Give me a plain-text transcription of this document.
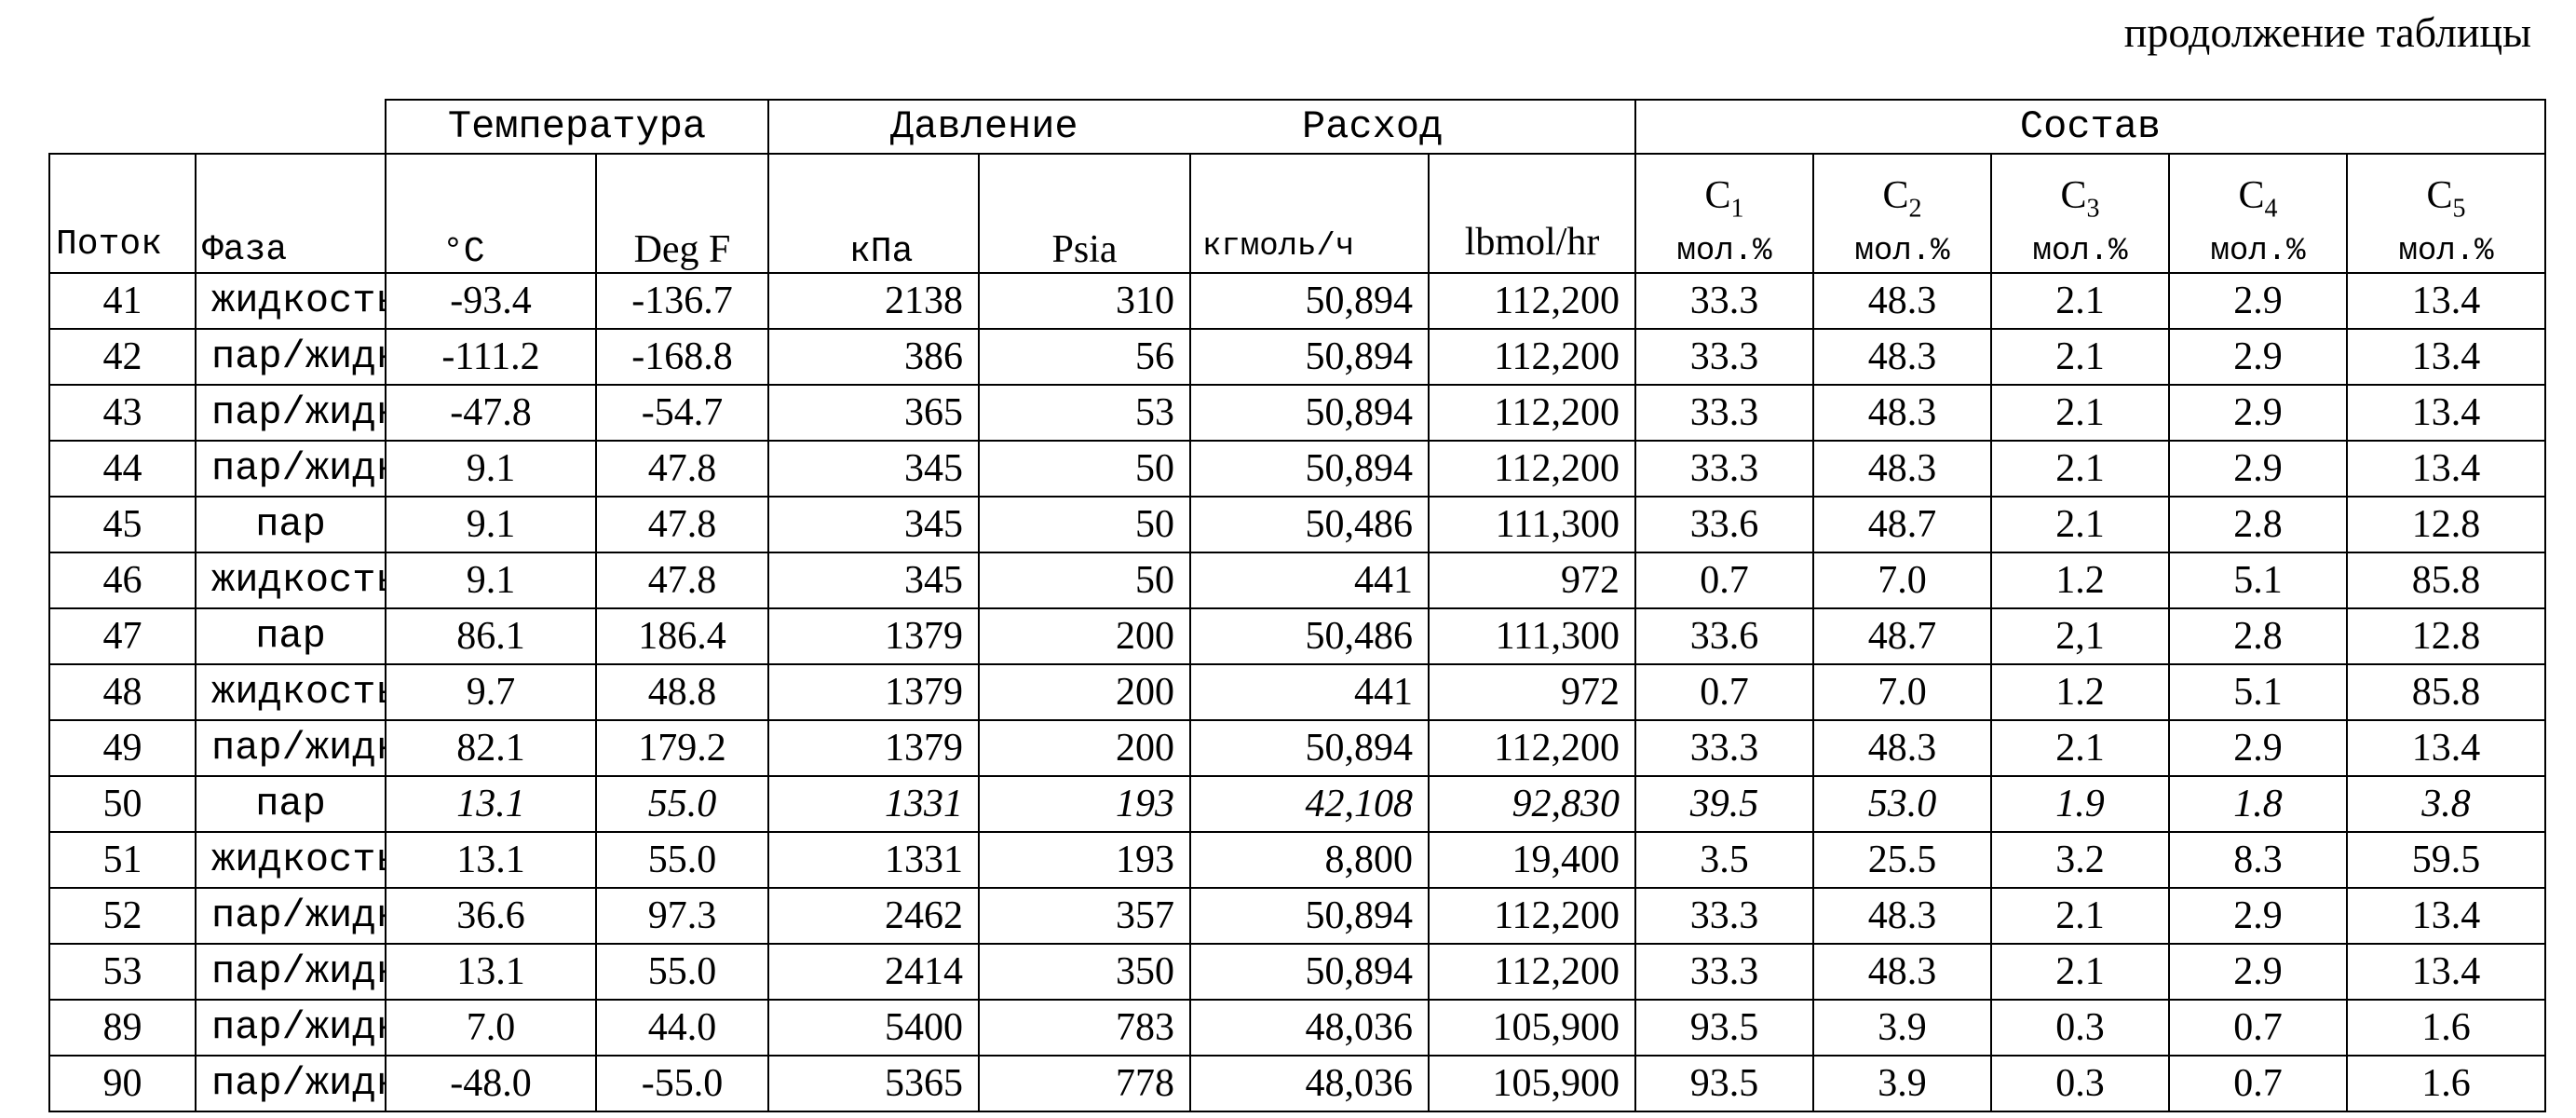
продолжение таблицы
	Температура	Давление	Расход	Состав
Поток	Фаза	°C	Deg F	кПа	Psia	кгмоль/ч	lbmol/hr	
C1
мол.%

C2
мол.%

C3
мол.%

C4
мол.%

C5
мол.%

41	жидкость	-93.4	-136.7	2138	310	50,894	112,200	33.3	48.3	2.1	2.9	13.4
42	пар/жидк	-111.2	-168.8	386	56	50,894	112,200	33.3	48.3	2.1	2.9	13.4
43	пар/жидк	-47.8	-54.7	365	53	50,894	112,200	33.3	48.3	2.1	2.9	13.4
44	пар/жидк	9.1	47.8	345	50	50,894	112,200	33.3	48.3	2.1	2.9	13.4
45	пар	9.1	47.8	345	50	50,486	111,300	33.6	48.7	2.1	2.8	12.8
46	жидкость	9.1	47.8	345	50	441	972	0.7	7.0	1.2	5.1	85.8
47	пар	86.1	186.4	1379	200	50,486	111,300	33.6	48.7	2,1	2.8	12.8
48	жидкость	9.7	48.8	1379	200	441	972	0.7	7.0	1.2	5.1	85.8
49	пар/жидк	82.1	179.2	1379	200	50,894	112,200	33.3	48.3	2.1	2.9	13.4
50	пар	13.1	55.0	1331	193	42,108	92,830	39.5	53.0	1.9	1.8	3.8
51	жидкость	13.1	55.0	1331	193	8,800	19,400	3.5	25.5	3.2	8.3	59.5
52	пар/жидк	36.6	97.3	2462	357	50,894	112,200	33.3	48.3	2.1	2.9	13.4
53	пар/жидк	13.1	55.0	2414	350	50,894	112,200	33.3	48.3	2.1	2.9	13.4
89	пар/жидк	7.0	44.0	5400	783	48,036	105,900	93.5	3.9	0.3	0.7	1.6
90	пар/жидк	-48.0	-55.0	5365	778	48,036	105,900	93.5	3.9	0.3	0.7	1.6
